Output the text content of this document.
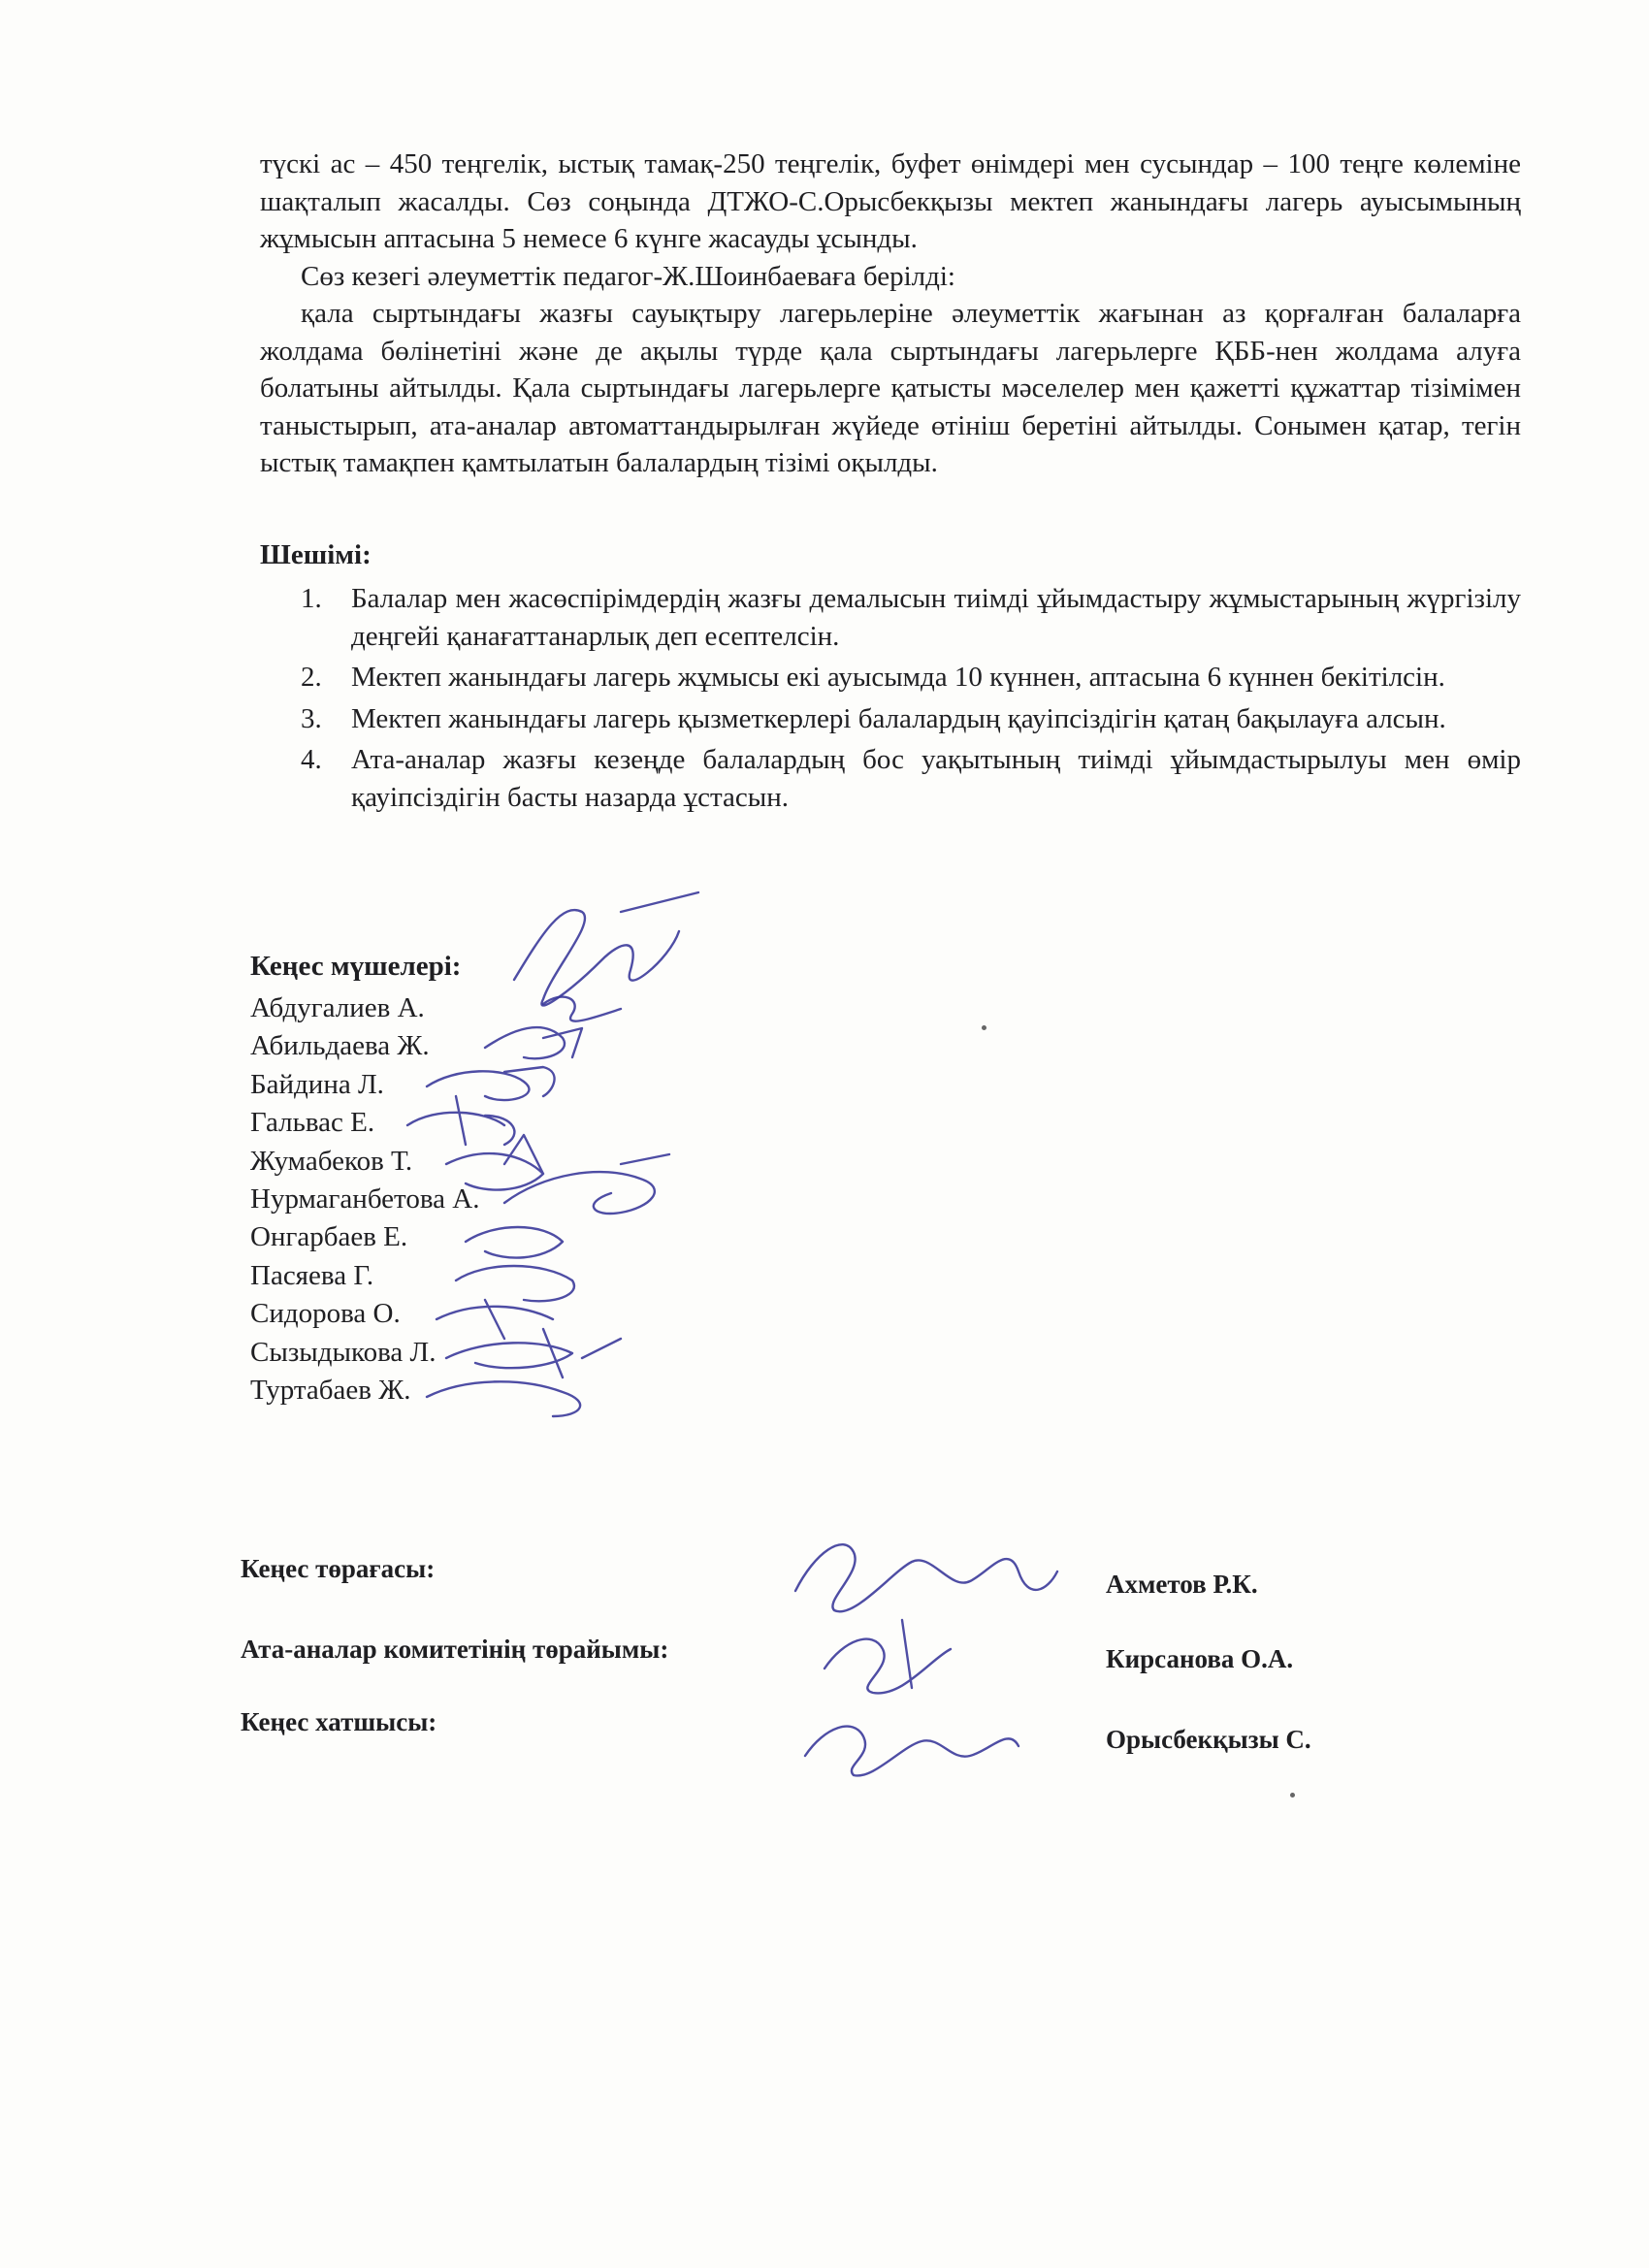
түскі ас – 450 теңгелік, ыстық тамақ-250 теңгелік, буфет өнімдері мен сусындар – 100 теңге көлеміне шақталып жасалды. Сөз соңында ДТЖО-С.Орысбекқызы мектеп жанындағы лагерь ауысымының жұмысын аптасына 5 немесе 6 күнге жасауды ұсынды.

Сөз кезегі әлеуметтік педагог-Ж.Шоинбаеваға берілді:

қала сыртындағы жазғы сауықтыру лагерьлеріне әлеуметтік жағынан аз қорғалған балаларға жолдама бөлінетіні және де ақылы түрде қала сыртындағы лагерьлерге ҚББ-нен жолдама алуға болатыны айтылды. Қала сыртындағы лагерьлерге қатысты мәселелер мен қажетті құжаттар тізімімен таныстырып, ата-аналар автоматтандырылған жүйеде өтініш беретіні айтылды. Сонымен қатар, тегін ыстық тамақпен қамтылатын балалардың тізімі оқылды.

Шешімі:

1. Балалар мен жасөспірімдердің жазғы демалысын тиімді ұйымдастыру жұмыстарының жүргізілу деңгейі қанағаттанарлық деп есептелсін.
2. Мектеп жанындағы лагерь жұмысы екі ауысымда 10 күннен, аптасына 6 күннен бекітілсін.
3. Мектеп жанындағы лагерь қызметкерлері балалардың қауіпсіздігін қатаң бақылауға алсын.
4. Ата-аналар жазғы кезеңде балалардың бос уақытының тиімді ұйымдастырылуы мен өмір қауіпсіздігін басты назарда ұстасын.

Кеңес мүшелері:

Абдугалиев А.
Абильдаева Ж.
Байдина Л.
Гальвас Е.
Жумабеков Т.
Нурмаганбетова А.
Онгарбаев Е.
Пасяева Г.
Сидорова О.
Сызыдыкова Л.
Туртабаев Ж.
Кеңес төрағасы:
Ахметов Р.К.
Ата-аналар комитетінің төрайымы:	Кирсанова О.А.
Кеңес хатшысы:
Орысбекқызы С.
